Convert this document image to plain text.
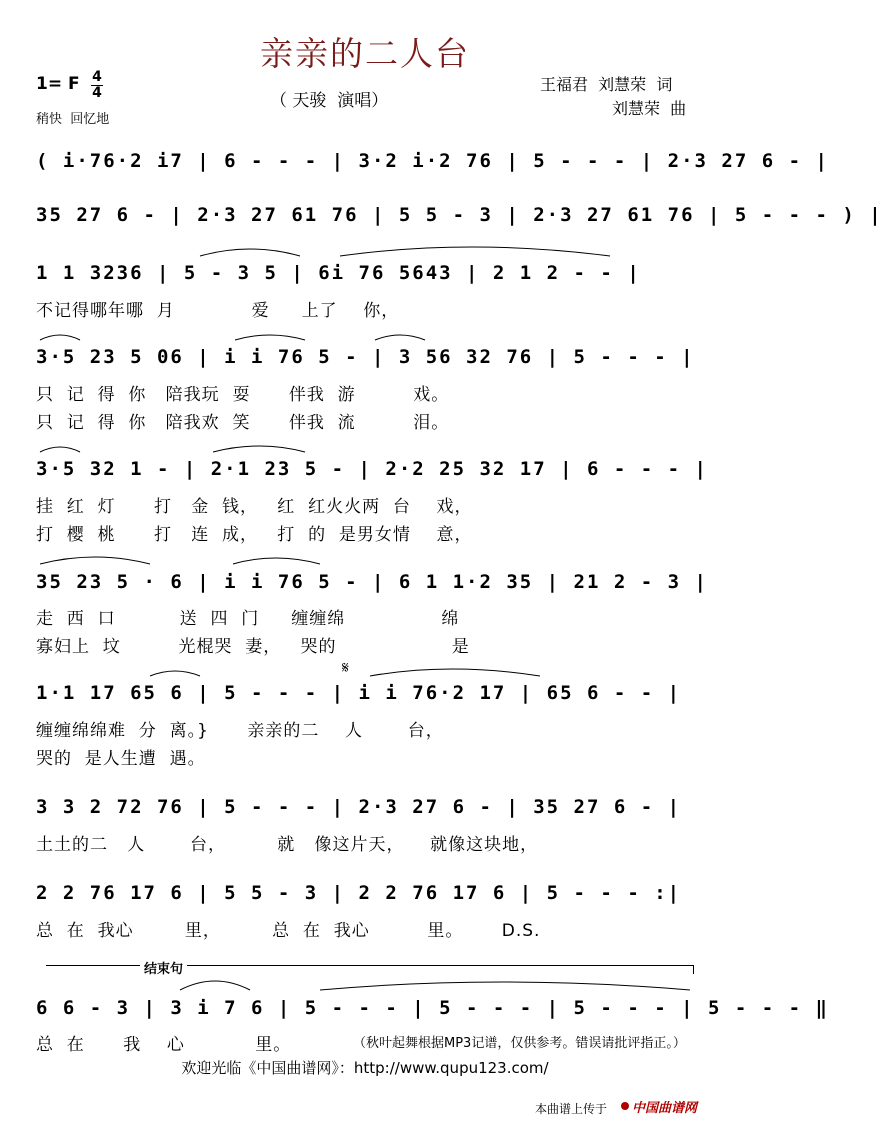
亲亲的二人台
（ 天骏  演唱）
王福君  刘慧荣  词
刘慧荣  曲
1= F $\frac{4}{4}$
稍快  回忆地
( i·76·2 i7 | 6 - - - | 3·2 i·2 76 | 5 - - - | 2·3 27 6 - |
35 27 6 - | 2·3 27 61 76 | 5 5 - 3 | 2·3 27 61 76 | 5 - - - ) |
1 1 3236 | 5 - 3 5 | 6i 76 5643 | 2 1 2 - - |
不记得哪年哪  月            爱     上了    你，
3·5 23 5 06 | i i 76 5 - | 3 56 32 76 | 5 - - - |
只  记  得  你   陪我玩  耍      伴我  游         戏。
只  记  得  你   陪我欢  笑      伴我  流         泪。
3·5 32 1 - | 2·1 23 5 - | 2·2 25 32 17 | 6 - - - |
挂  红  灯      打   金  钱，   红  红火火两  台    戏，
打  樱  桃      打   连  成，   打  的  是男女情    意，
35 23 5 · 6 | i i 76 5 - | 6 1 1·2 35 | 21 2 - 3 |
走  西  口          送  四  门     缠缠绵               绵
寡妇上  坟         光棍哭  妻，   哭的                  是
𝄋
1·1 17 65 6 | 5 - - - | i i 76·2 17 | 65 6 - - |
缠缠绵绵难  分  离。}      亲亲的二    人       台，
哭的  是人生遭  遇。
3 3 2 72 76 | 5 - - - | 2·3 27 6 - | 35 27 6 - |
土土的二   人       台，        就   像这片天，    就像这块地，
2 2 76 17 6 | 5 5 - 3 | 2 2 76 17 6 | 5 - - - :|
总  在  我心        里，        总  在  我心         里。      D.S.
结束句
6 6 - 3 | 3 i 7 6 | 5 - - - | 5 - - - | 5 - - - | 5 - - - ‖
总  在      我    心           里。	（秋叶起舞根据MP3记谱，仅供参考。错误请批评指正。）
欢迎光临《中国曲谱网》：http://www.qupu123.com/
本曲谱上传于 中国曲谱网
